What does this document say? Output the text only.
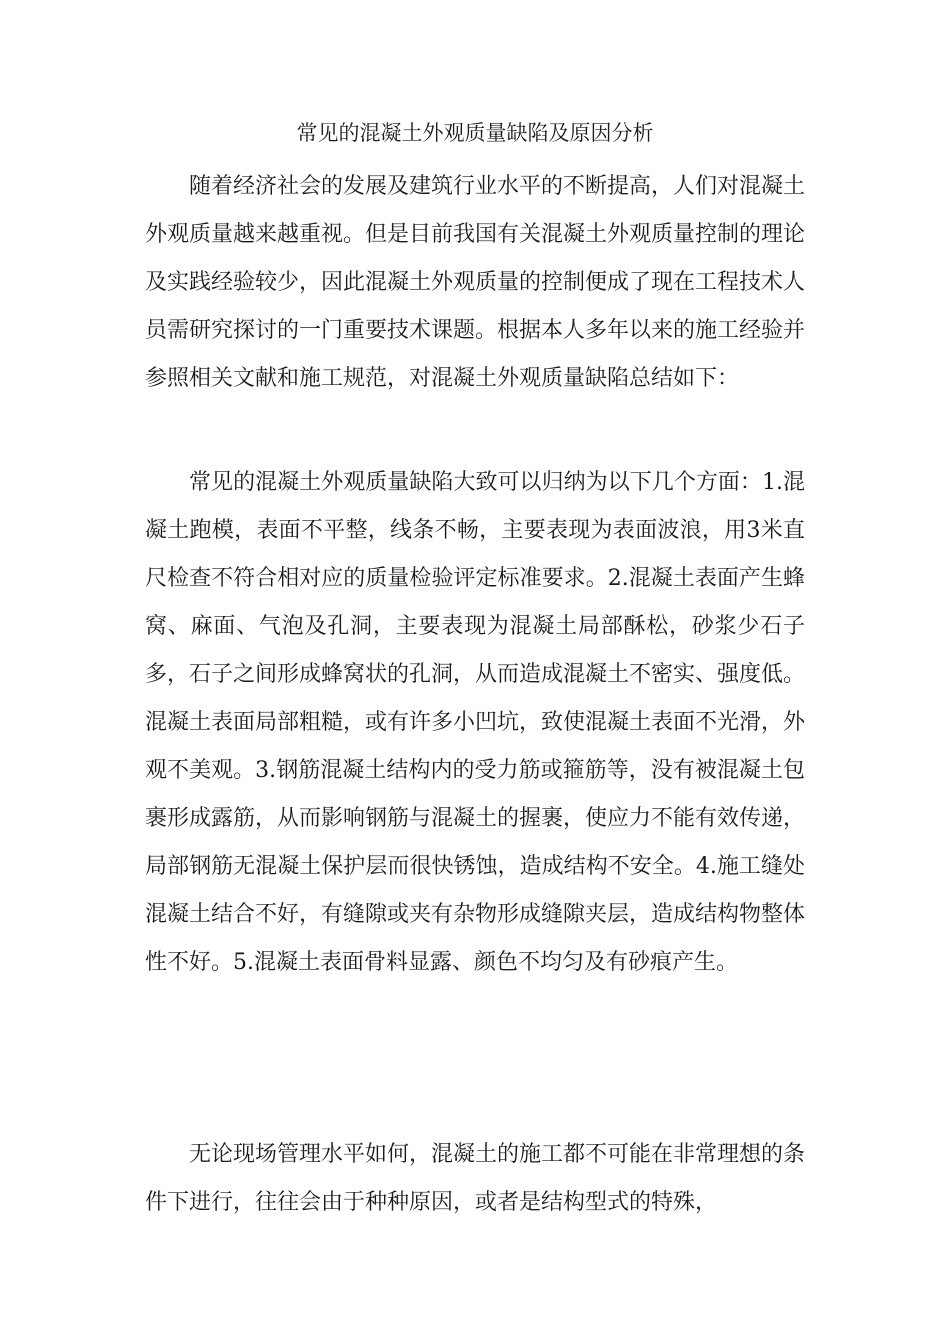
常见的混凝土外观质量缺陷及原因分析

随着经济社会的发展及建筑行业水平的不断提高，人们对混凝土外观质量越来越重视。但是目前我国有关混凝土外观质量控制的理论及实践经验较少，因此混凝土外观质量的控制便成了现在工程技术人员需研究探讨的一门重要技术课题。根据本人多年以来的施工经验并参照相关文献和施工规范，对混凝土外观质量缺陷总结如下：

常见的混凝土外观质量缺陷大致可以归纳为以下几个方面：1.混凝土跑模，表面不平整，线条不畅，主要表现为表面波浪，用3米直尺检查不符合相对应的质量检验评定标准要求。2.混凝土表面产生蜂窝、麻面、气泡及孔洞，主要表现为混凝土局部酥松，砂浆少石子多，石子之间形成蜂窝状的孔洞，从而造成混凝土不密实、强度低。混凝土表面局部粗糙，或有许多小凹坑，致使混凝土表面不光滑，外观不美观。3.钢筋混凝土结构内的受力筋或箍筋等，没有被混凝土包裹形成露筋，从而影响钢筋与混凝土的握裹，使应力不能有效传递，局部钢筋无混凝土保护层而很快锈蚀，造成结构不安全。4.施工缝处混凝土结合不好，有缝隙或夹有杂物形成缝隙夹层，造成结构物整体性不好。5.混凝土表面骨料显露、颜色不均匀及有砂痕产生。

无论现场管理水平如何，混凝土的施工都不可能在非常理想的条件下进行，往往会由于种种原因，或者是结构型式的特殊，
